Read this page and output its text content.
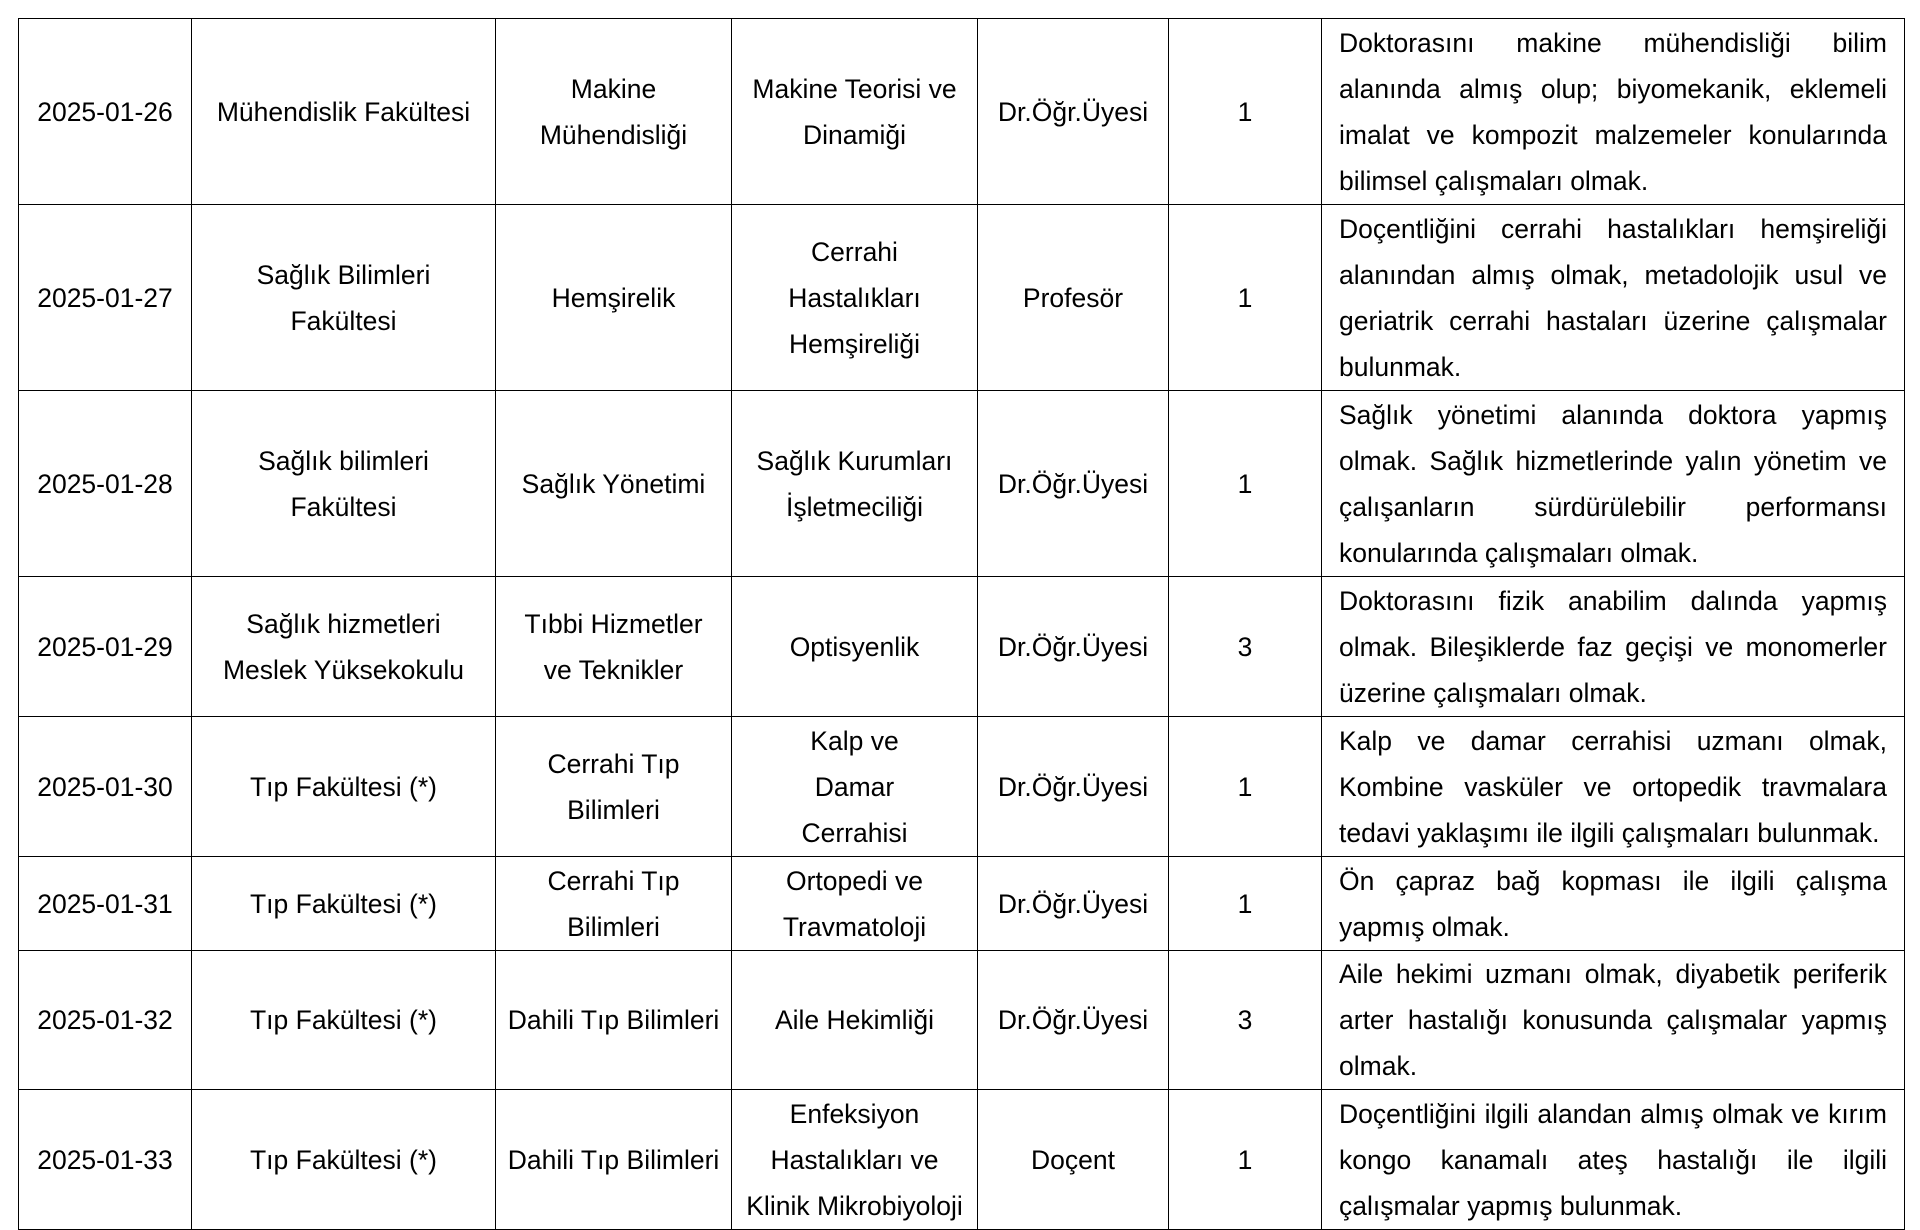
2025-01-26	Mühendislik Fakültesi	Makine Mühendisliği	Makine Teorisi ve Dinamiği	Dr.Öğr.Üyesi	1	Doktorasını makine mühendisliği bilim alanında almış olup; biyomekanik, eklemeli imalat ve kompozit malzemeler konularında bilimsel çalışmaları olmak.
2025-01-27	Sağlık Bilimleri Fakültesi	Hemşirelik	Cerrahi Hastalıkları Hemşireliği	Profesör	1	Doçentliğini cerrahi hastalıkları hemşireliği alanından almış olmak, metadolojik usul ve geriatrik cerrahi hastaları üzerine çalışmalar bulunmak.
2025-01-28	Sağlık bilimleri Fakültesi	Sağlık Yönetimi	Sağlık Kurumları İşletmeciliği	Dr.Öğr.Üyesi	1	Sağlık yönetimi alanında doktora yapmış olmak. Sağlık hizmetlerinde yalın yönetim ve çalışanların sürdürülebilir performansı konularında çalışmaları olmak.
2025-01-29	Sağlık hizmetleri Meslek Yüksekokulu	Tıbbi Hizmetler ve Teknikler	Optisyenlik	Dr.Öğr.Üyesi	3	Doktorasını fizik anabilim dalında yapmış olmak. Bileşiklerde faz geçişi ve monomerler üzerine çalışmaları olmak.
2025-01-30	Tıp Fakültesi (*)	Cerrahi Tıp Bilimleri	Kalp ve Damar Cerrahisi	Dr.Öğr.Üyesi	1	Kalp ve damar cerrahisi uzmanı olmak, Kombine vasküler ve ortopedik travmalara tedavi yaklaşımı ile ilgili çalışmaları bulunmak.
2025-01-31	Tıp Fakültesi (*)	Cerrahi Tıp Bilimleri	Ortopedi ve Travmatoloji	Dr.Öğr.Üyesi	1	Ön çapraz bağ kopması ile ilgili çalışma yapmış olmak.
2025-01-32	Tıp Fakültesi (*)	Dahili Tıp Bilimleri	Aile Hekimliği	Dr.Öğr.Üyesi	3	Aile hekimi uzmanı olmak, diyabetik periferik arter hastalığı konusunda çalışmalar yapmış olmak.
2025-01-33	Tıp Fakültesi (*)	Dahili Tıp Bilimleri	Enfeksiyon Hastalıkları ve Klinik Mikrobiyoloji	Doçent	1	Doçentliğini ilgili alandan almış olmak ve kırım kongo kanamalı ateş hastalığı ile ilgili çalışmalar yapmış bulunmak.
